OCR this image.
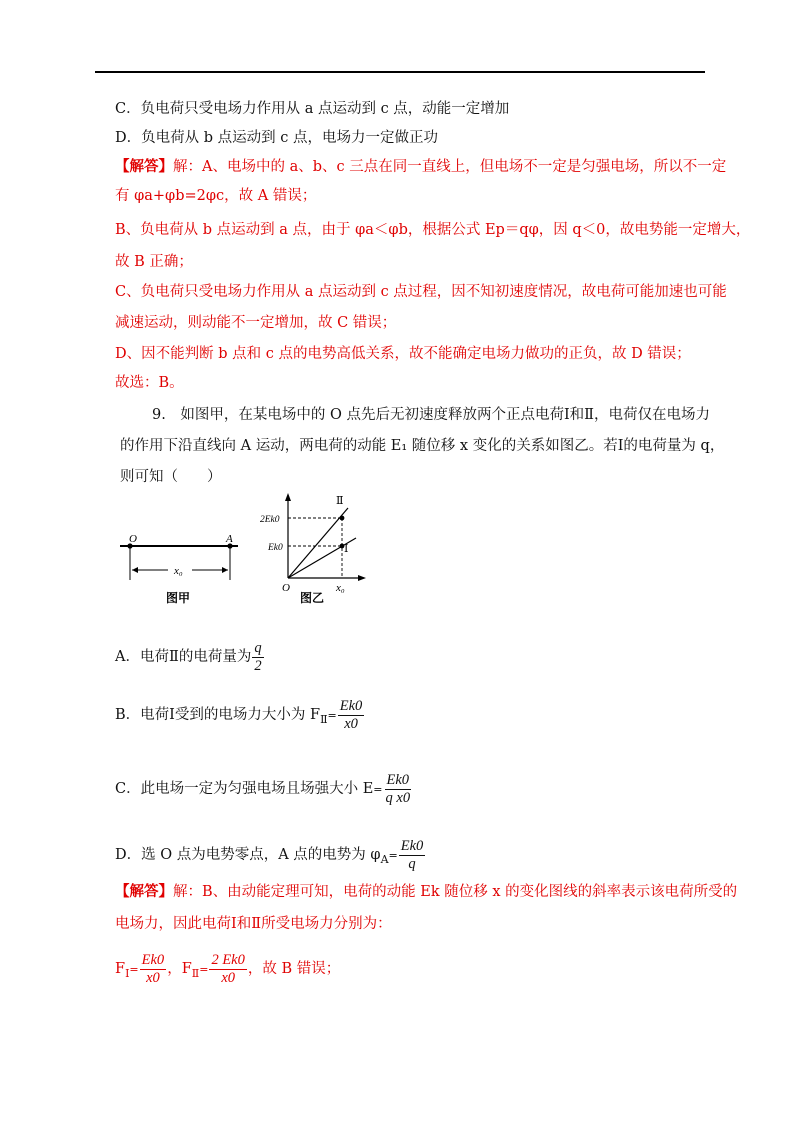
C．负电荷只受电场力作用从 a 点运动到 c 点，动能一定增加
D．负电荷从 b 点运动到 c 点，电场力一定做正功
【解答】解：A、电场中的 a、b、c 三点在同一直线上，但电场不一定是匀强电场，所以不一定
有 φa+φb=2φc，故 A 错误；
B、负电荷从 b 点运动到 a 点，由于 φa＜φb，根据公式 Ep＝qφ，因 q＜0，故电势能一定增大，
故 B 正确；
C、负电荷只受电场力作用从 a 点运动到 c 点过程，因不知初速度情况，故电荷可能加速也可能
减速运动，则动能不一定增加，故 C 错误；
D、因不能判断 b 点和 c 点的电势高低关系，故不能确定电场力做功的正负，故 D 错误；
故选：B。
9.　如图甲，在某电场中的 O 点先后无初速度释放两个正点电荷Ⅰ和Ⅱ，电荷仅在电场力
的作用下沿直线向 A 运动，两电荷的动能 E₁ 随位移 x 变化的关系如图乙。若Ⅰ的电荷量为 q，
则可知（　　）
O	A
x₀
图甲
2Ek0
Ek0
O	x₀
Ⅱ
Ⅰ
图乙
A．电荷Ⅱ的电荷量为 $\frac{q}{2}$
B．电荷Ⅰ受到的电场力大小为 $F_Ⅱ= \frac{Ek0}{x0}$
C．此电场一定为匀强电场且场强大小 $E= \frac{Ek0}{\text{q x0}}$
D．选 O 点为电势零点，A 点的电势为 $\varphi_A= \frac{Ek0}{q}$
【解答】解：B、由动能定理可知，电荷的动能 Ek 随位移 x 的变化图线的斜率表示该电荷所受的
电场力，因此电荷Ⅰ和Ⅱ所受电场力分别为：
$F_Ⅰ= \frac{Ek0}{x0}$ ，$F_Ⅱ= \frac{2 Ek0}{x0}$ ，故 B 错误；
